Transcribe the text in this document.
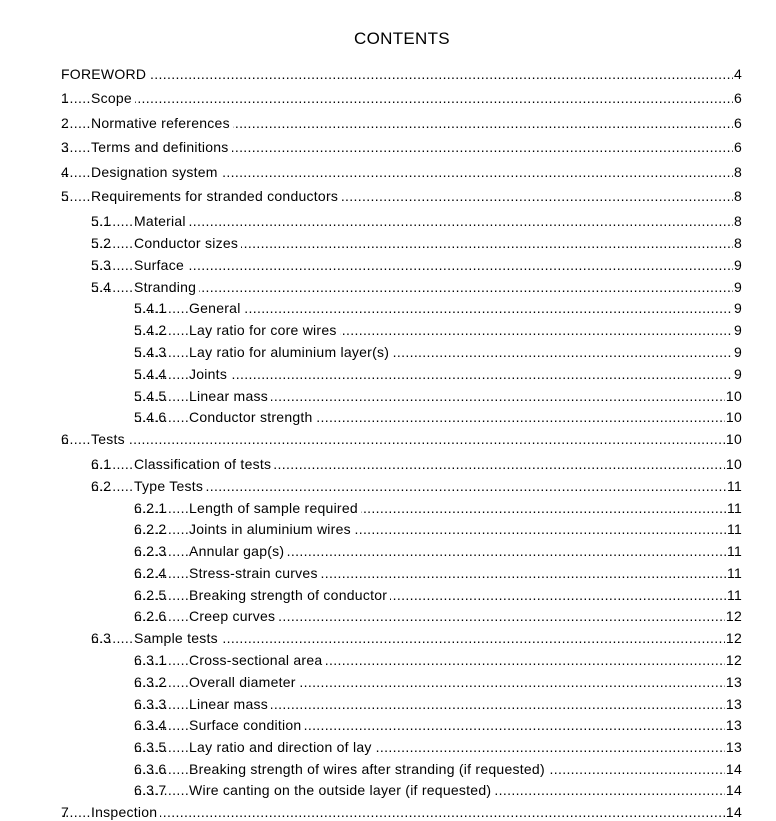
CONTENTS
FOREWORD .....	4
1 Scope .....	6
2 Normative references .....	6
3 Terms and definitions .....	6
4 Designation system .....	8
5 Requirements for stranded conductors .....	8
5.1 Material .....	8
5.2 Conductor sizes .....	8
5.3 Surface .....	9
5.4 Stranding .....	9
5.4.1 General .....	9
5.4.2 Lay ratio for core wires .....	9
5.4.3 Lay ratio for aluminium layer(s) .....	9
5.4.4 Joints .....	9
5.4.5 Linear mass .....	10
5.4.6 Conductor strength .....	10
6 Tests .....	10
6.1 Classification of tests .....	10
6.2 Type Tests .....	11
6.2.1 Length of sample required .....	11
6.2.2 Joints in aluminium wires .....	11
6.2.3 Annular gap(s) .....	11
6.2.4 Stress-strain curves .....	11
6.2.5 Breaking strength of conductor .....	11
6.2.6 Creep curves .....	12
6.3 Sample tests .....	12
6.3.1 Cross-sectional area .....	12
6.3.2 Overall diameter .....	13
6.3.3 Linear mass .....	13
6.3.4 Surface condition .....	13
6.3.5 Lay ratio and direction of lay .....	13
6.3.6 Breaking strength of wires after stranding (if requested) .....	14
6.3.7 Wire canting on the outside layer (if requested) .....	14
7 Inspection .....	14
